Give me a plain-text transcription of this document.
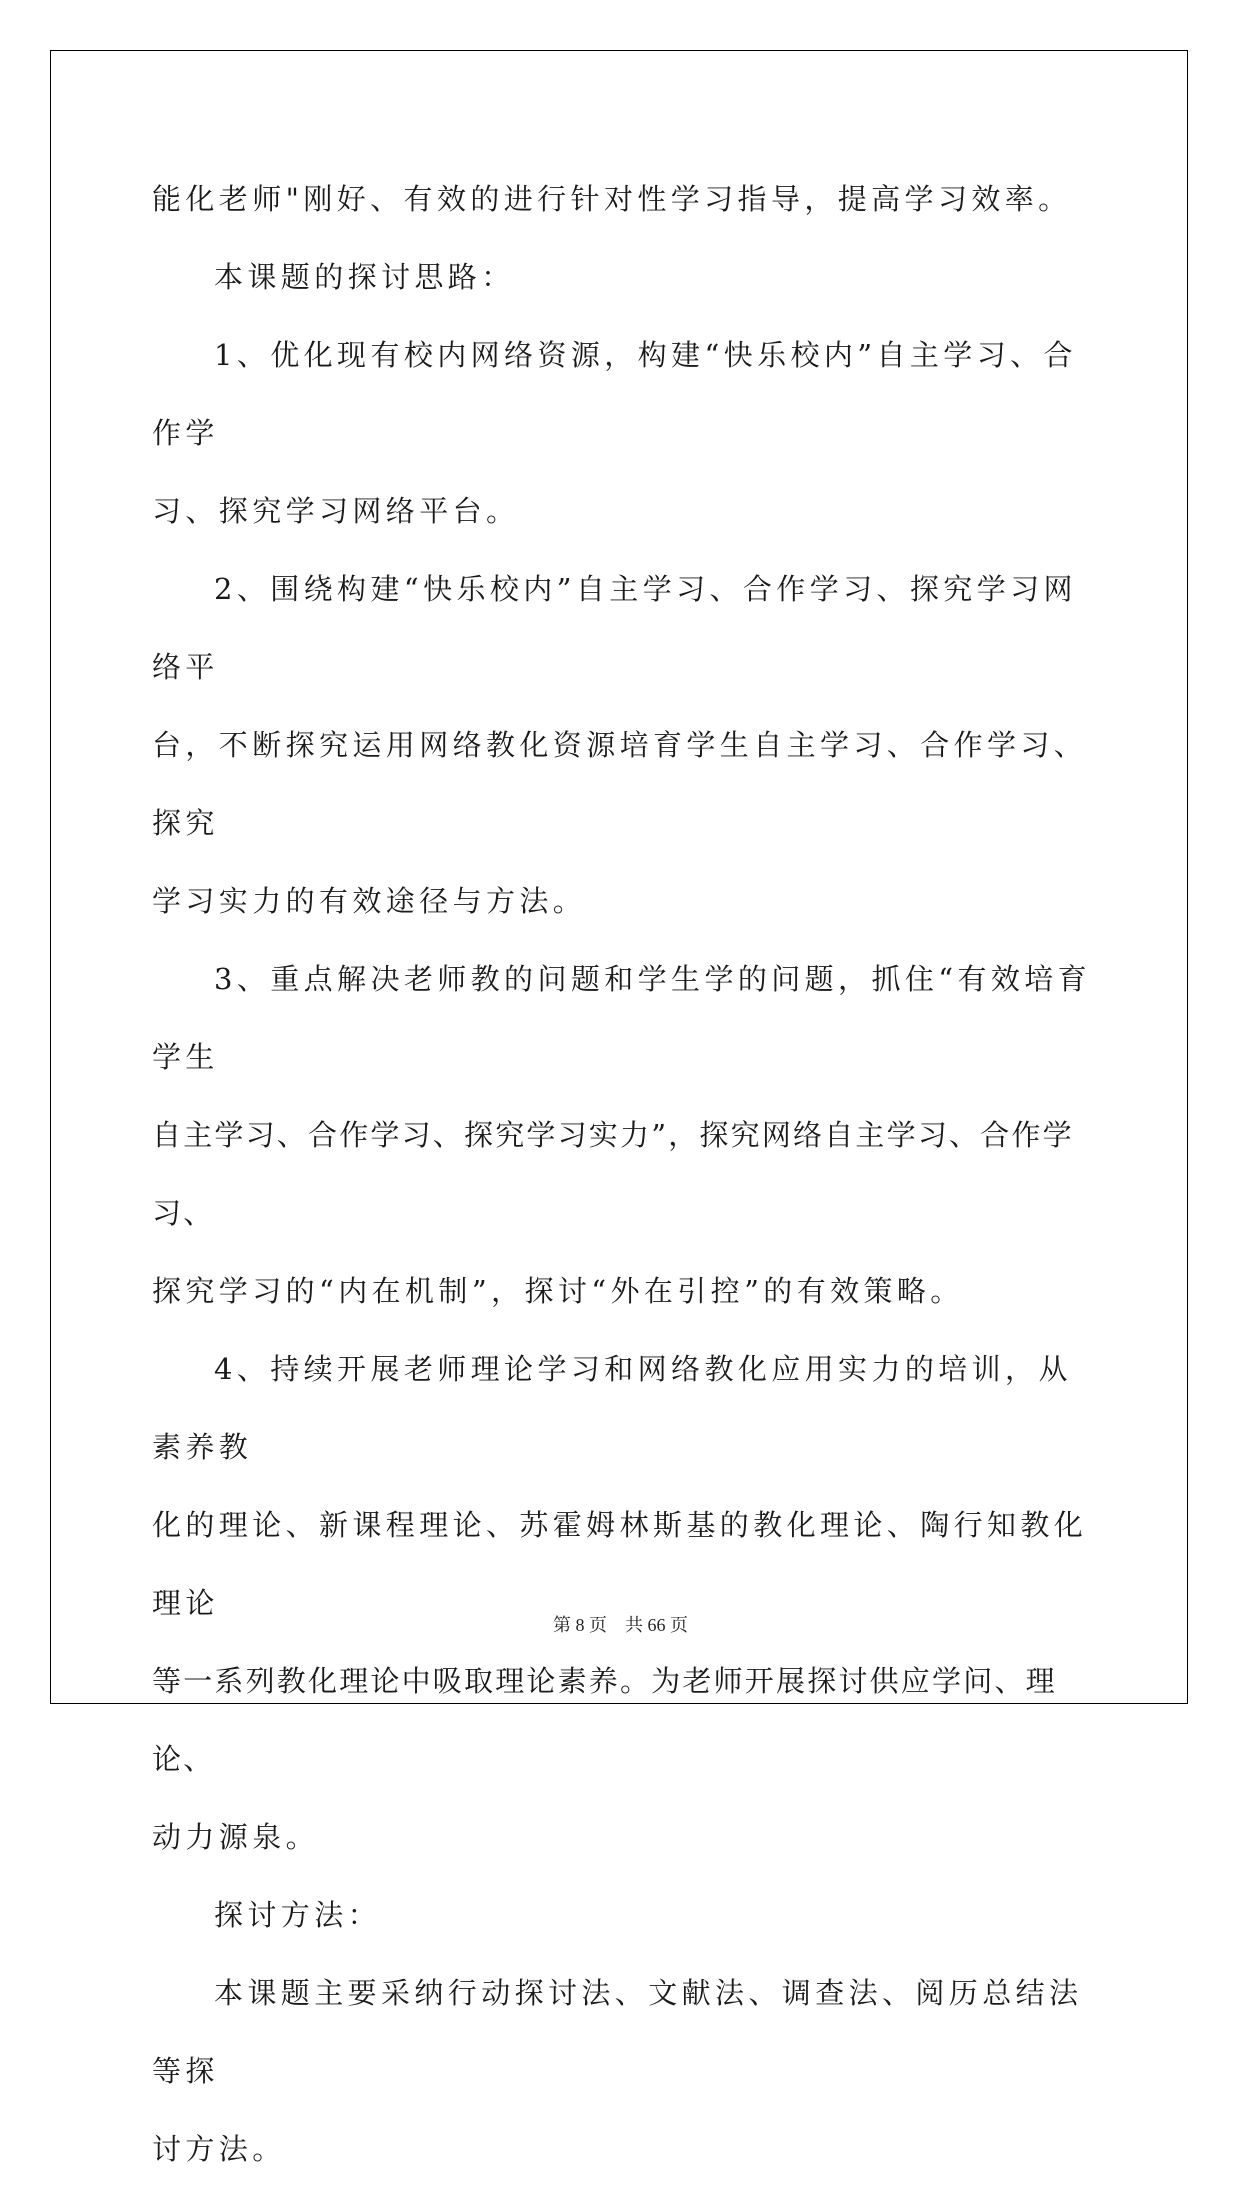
能化老师"刚好、有效的进行针对性学习指导，提高学习效率。

本课题的探讨思路：

1、优化现有校内网络资源，构建“快乐校内”自主学习、合作学

习、探究学习网络平台。

2、围绕构建“快乐校内”自主学习、合作学习、探究学习网络平

台，不断探究运用网络教化资源培育学生自主学习、合作学习、探究

学习实力的有效途径与方法。

3、重点解决老师教的问题和学生学的问题，抓住“有效培育学生

自主学习、合作学习、探究学习实力”，探究网络自主学习、合作学习、

探究学习的“内在机制”，探讨“外在引控”的有效策略。

4、持续开展老师理论学习和网络教化应用实力的培训，从素养教

化的理论、新课程理论、苏霍姆林斯基的教化理论、陶行知教化理论

等一系列教化理论中吸取理论素养。为老师开展探讨供应学问、理论、

动力源泉。

探讨方法：

本课题主要采纳行动探讨法、文献法、调查法、阅历总结法等探

讨方法。

第 8 页 共 66 页
